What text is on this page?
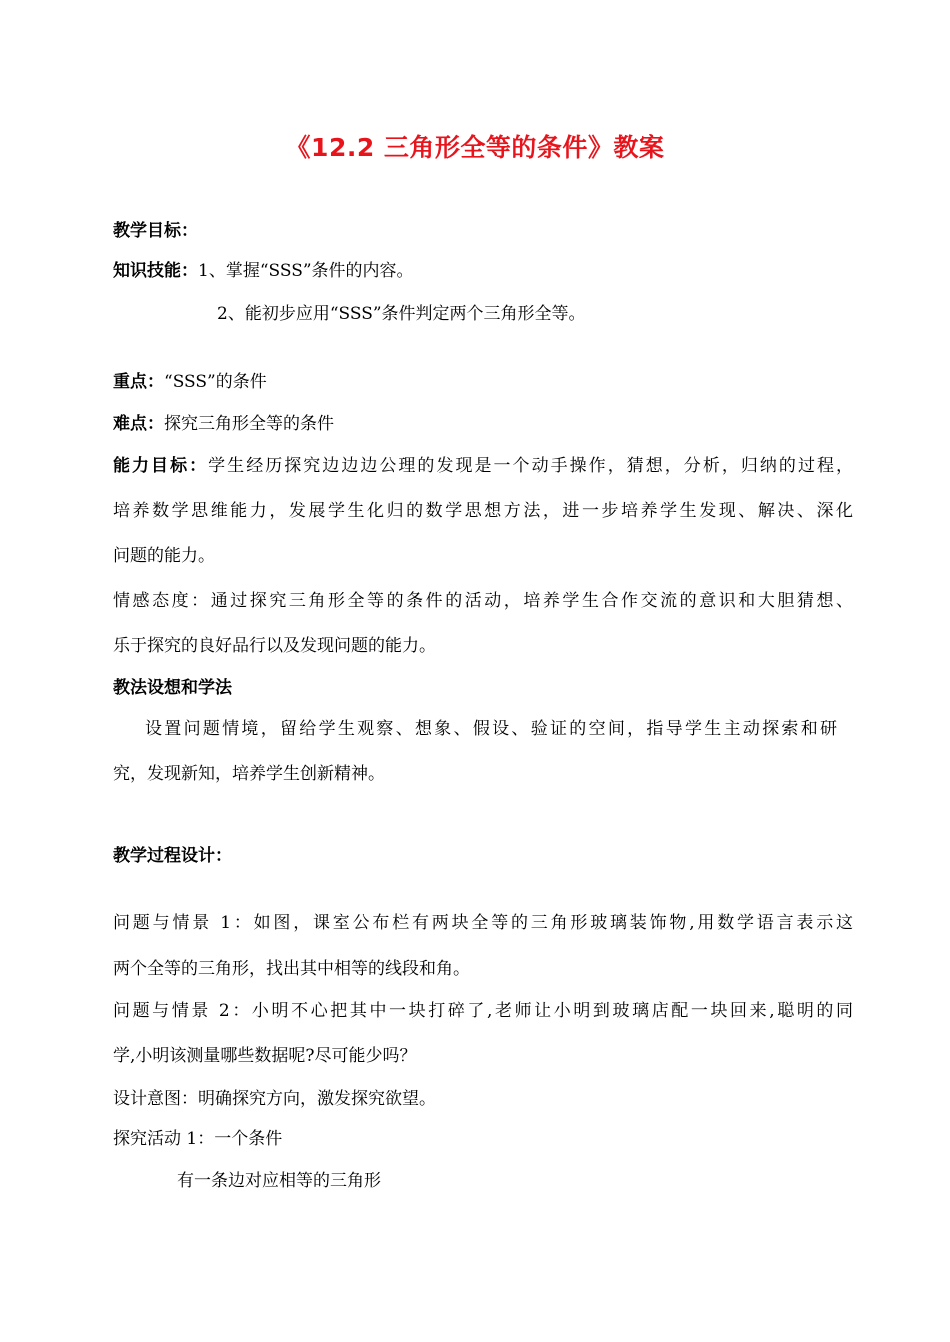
《12.2 三角形全等的条件》教案
教学目标：
知识技能：1、掌握“SSS”条件的内容。
2、能初步应用“SSS”条件判定两个三角形全等。
重点：“SSS”的条件
难点：探究三角形全等的条件
能力目标：学生经历探究边边边公理的发现是一个动手操作，猜想，分析，归纳的过程，
培养数学思维能力，发展学生化归的数学思想方法，进一步培养学生发现、解决、深化
问题的能力。
情感态度：通过探究三角形全等的条件的活动，培养学生合作交流的意识和大胆猜想、
乐于探究的良好品行以及发现问题的能力。
教法设想和学法
设置问题情境，留给学生观察、想象、假设、验证的空间，指导学生主动探索和研
究，发现新知，培养学生创新精神。
教学过程设计：
问题与情景 1：如图，课室公布栏有两块全等的三角形玻璃装饰物,用数学语言表示这
两个全等的三角形，找出其中相等的线段和角。
问题与情景 2：小明不心把其中一块打碎了,老师让小明到玻璃店配一块回来,聪明的同
学,小明该测量哪些数据呢?尽可能少吗？
设计意图：明确探究方向，激发探究欲望。
探究活动 1：一个条件
有一条边对应相等的三角形
